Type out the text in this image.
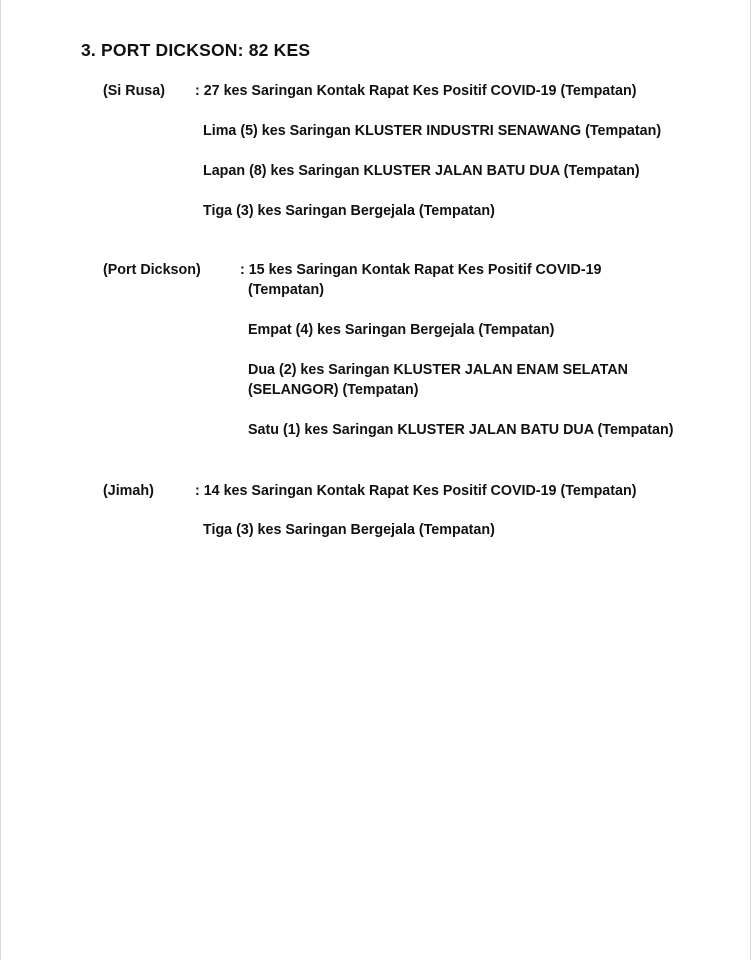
3. PORT DICKSON: 82 KES
(Si Rusa) : 27 kes Saringan Kontak Rapat Kes Positif COVID-19 (Tempatan)
Lima (5) kes Saringan KLUSTER INDUSTRI SENAWANG (Tempatan)
Lapan (8) kes Saringan KLUSTER JALAN BATU DUA (Tempatan)
Tiga (3) kes Saringan Bergejala (Tempatan)
(Port Dickson)	: 15 kes Saringan Kontak Rapat Kes Positif COVID-19
(Tempatan)
Empat (4) kes Saringan Bergejala (Tempatan)
Dua (2) kes Saringan KLUSTER JALAN ENAM SELATAN
(SELANGOR) (Tempatan)
Satu (1) kes Saringan KLUSTER JALAN BATU DUA (Tempatan)
(Jimah)	: 14 kes Saringan Kontak Rapat Kes Positif COVID-19 (Tempatan)
Tiga (3) kes Saringan Bergejala (Tempatan)
